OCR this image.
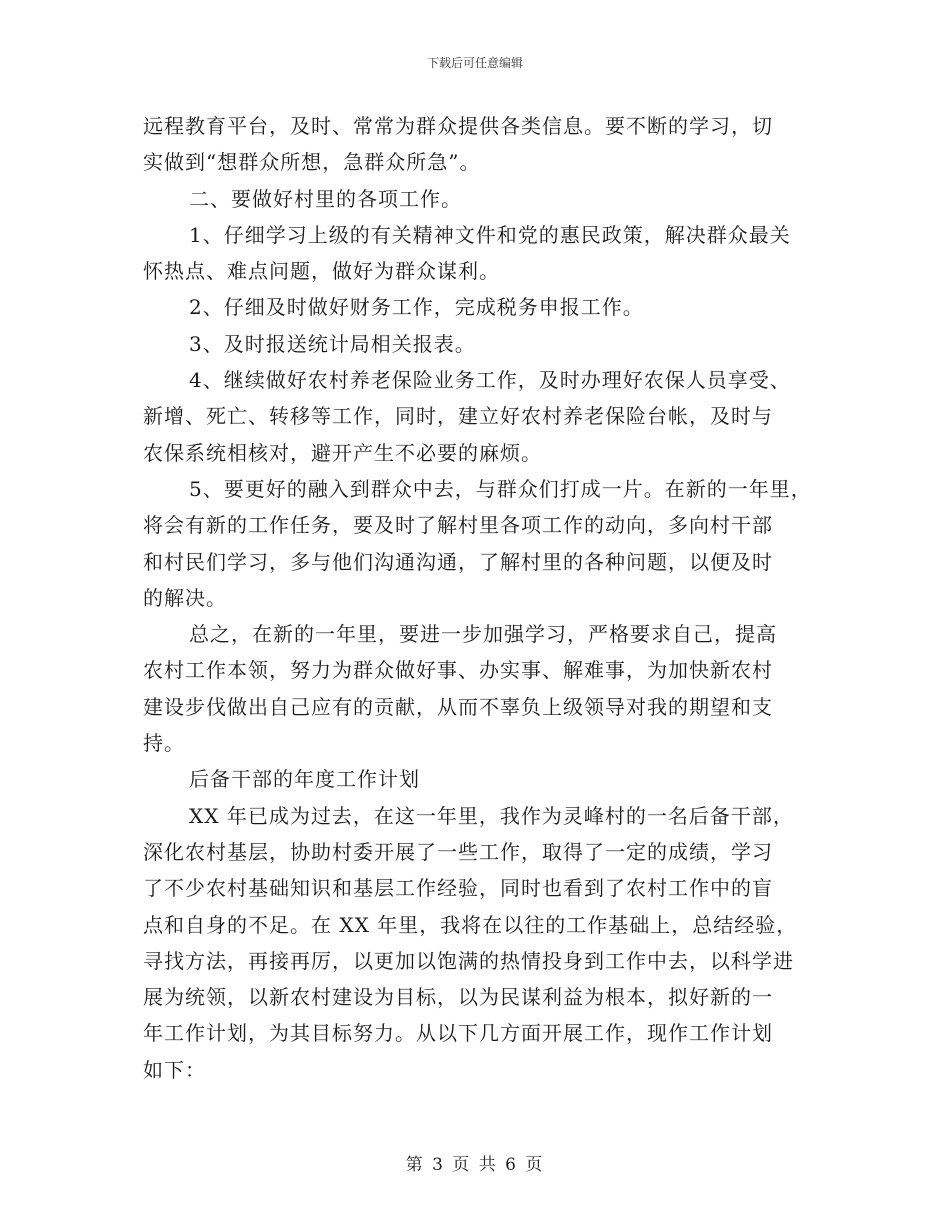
下载后可任意编辑
远程教育平台，及时、常常为群众提供各类信息。要不断的学习，切
实做到“想群众所想，急群众所急”。
二、要做好村里的各项工作。
1、仔细学习上级的有关精神文件和党的惠民政策，解决群众最关
怀热点、难点问题，做好为群众谋利。
2、仔细及时做好财务工作，完成税务申报工作。
3、及时报送统计局相关报表。
4、继续做好农村养老保险业务工作，及时办理好农保人员享受、
新增、死亡、转移等工作，同时，建立好农村养老保险台帐，及时与
农保系统相核对，避开产生不必要的麻烦。
5、要更好的融入到群众中去，与群众们打成一片。在新的一年里，
将会有新的工作任务，要及时了解村里各项工作的动向，多向村干部
和村民们学习，多与他们沟通沟通，了解村里的各种问题，以便及时
的解决。
总之，在新的一年里，要进一步加强学习，严格要求自己，提高
农村工作本领，努力为群众做好事、办实事、解难事，为加快新农村
建设步伐做出自己应有的贡献，从而不辜负上级领导对我的期望和支
持。
后备干部的年度工作计划
XX 年已成为过去，在这一年里，我作为灵峰村的一名后备干部，
深化农村基层，协助村委开展了一些工作，取得了一定的成绩，学习
了不少农村基础知识和基层工作经验，同时也看到了农村工作中的盲
点和自身的不足。在 XX 年里，我将在以往的工作基础上，总结经验，
寻找方法，再接再厉，以更加以饱满的热情投身到工作中去，以科学进
展为统领，以新农村建设为目标，以为民谋利益为根本，拟好新的一
年工作计划，为其目标努力。从以下几方面开展工作，现作工作计划
如下：
第 3 页 共 6 页
